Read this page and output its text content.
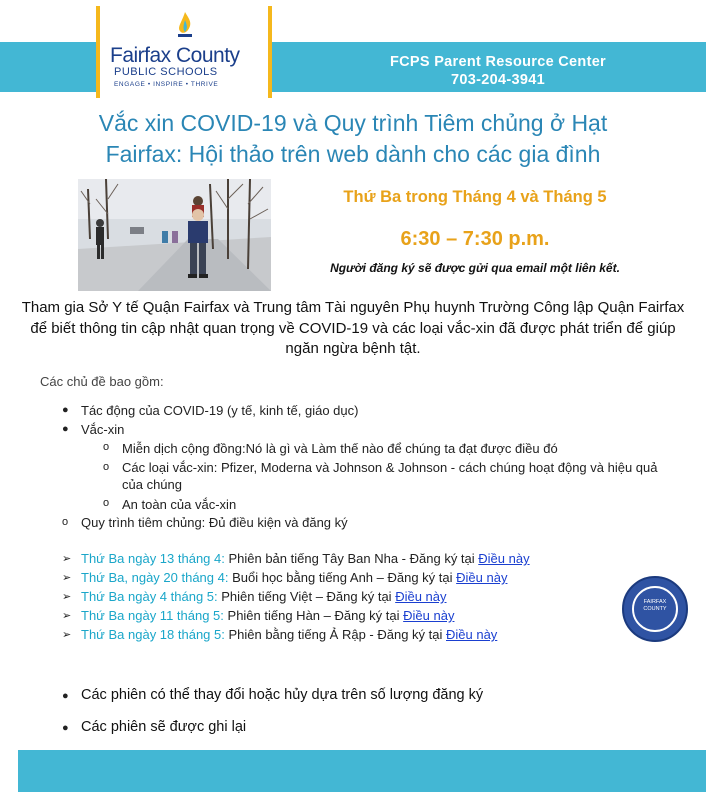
Fairfax County
PUBLIC SCHOOLS
ENGAGE • INSPIRE • THRIVE
FCPS Parent Resource Center
703-204-3941
Vắc xin COVID-19 và Quy trình Tiêm chủng ở Hạt
Fairfax: Hội thảo trên web dành cho các gia đình
Thứ Ba trong Tháng 4 và Tháng 5
6:30 – 7:30 p.m.
Người đăng ký sẽ được gửi qua email một liên kết.
Tham gia Sở Y tế Quận Fairfax và Trung tâm Tài nguyên Phụ huynh Trường Công lập Quận Fairfax để biết thông tin cập nhật quan trọng về COVID-19 và các loại vắc-xin đã được phát triển để giúp ngăn ngừa bệnh tật.
Các chủ đề bao gồm:
● Tác động của COVID-19 (y tế, kinh tế, giáo dục)
● Vắc-xin
o Miễn dịch cộng đồng:Nó là gì và Làm thế nào để chúng ta đạt được điều đó
o Các loại vắc-xin: Pfizer, Moderna và Johnson & Johnson - cách chúng hoạt động và hiệu quả của chúng
o An toàn của vắc-xin
o Quy trình tiêm chủng: Đủ điều kiện và đăng ký
➢ Thứ Ba ngày 13 tháng 4: Phiên bản tiếng Tây Ban Nha - Đăng ký tại Điều này
➢ Thứ Ba, ngày 20 tháng 4: Buổi học bằng tiếng Anh – Đăng ký tại Điều này
➢ Thứ Ba ngày 4 tháng 5: Phiên tiếng Việt – Đăng ký tại Điều này
➢ Thứ Ba ngày 11 tháng 5: Phiên tiếng Hàn – Đăng ký tại Điều này
➢ Thứ Ba ngày 18 tháng 5: Phiên bằng tiếng Ả Rập - Đăng ký tại Điều này
FAIRFAX
COUNTY
● Các phiên có thể thay đổi hoặc hủy dựa trên số lượng đăng ký
● Các phiên sẽ được ghi lại
